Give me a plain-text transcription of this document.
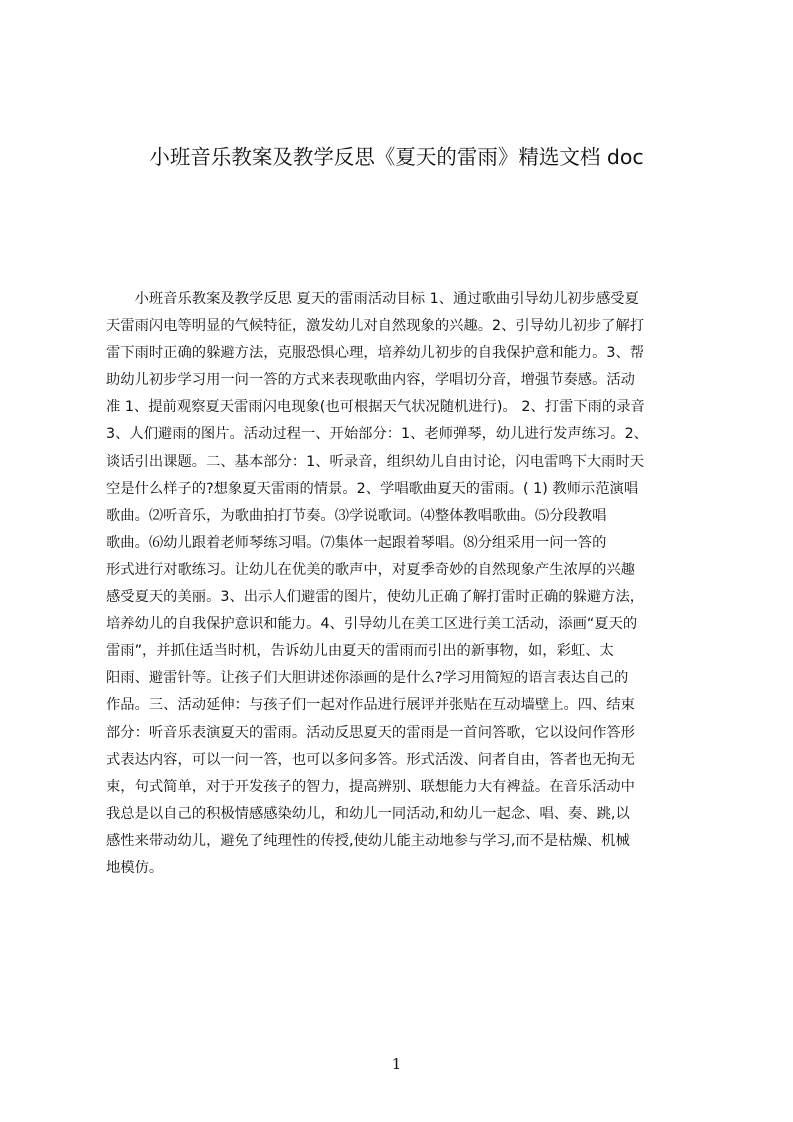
小班音乐教案及教学反思《夏天的雷雨》精选文档 doc
　　小班音乐教案及教学反思 夏天的雷雨活动目标 1、通过歌曲引导幼儿初步感受夏
天雷雨闪电等明显的气候特征，激发幼儿对自然现象的兴趣。2、引导幼儿初步了解打
雷下雨时正确的躲避方法，克服恐惧心理，培养幼儿初步的自我保护意和能力。3、帮
助幼儿初步学习用一问一答的方式来表现歌曲内容，学唱切分音，增强节奏感。活动
准 1、提前观察夏天雷雨闪电现象(也可根据天气状况随机进行)。 2、打雷下雨的录音
3、人们避雨的图片。活动过程一、开始部分：1、老师弹琴，幼儿进行发声练习。2、
谈话引出课题。二、基本部分：1、听录音，组织幼儿自由讨论，闪电雷鸣下大雨时天
空是什么样子的?想象夏天雷雨的情景。2、学唱歌曲夏天的雷雨。( 1) 教师示范演唱
歌曲。⑵听音乐，为歌曲拍打节奏。⑶学说歌词。⑷整体教唱歌曲。⑸分段教唱
歌曲。⑹幼儿跟着老师琴练习唱。⑺集体一起跟着琴唱。⑻分组采用一问一答的
形式进行对歌练习。让幼儿在优美的歌声中，对夏季奇妙的自然现象产生浓厚的兴趣
感受夏天的美丽。3、出示人们避雷的图片，使幼儿正确了解打雷时正确的躲避方法，
培养幼儿的自我保护意识和能力。4、引导幼儿在美工区进行美工活动，添画“夏天的
雷雨”，并抓住适当时机，告诉幼儿由夏天的雷雨而引出的新事物，如，彩虹、太
阳雨、避雷针等。让孩子们大胆讲述你添画的是什么?学习用简短的语言表达自己的
作品。三、活动延伸：与孩子们一起对作品进行展评并张贴在互动墙壁上。四、结束
部分：听音乐表演夏天的雷雨。活动反思夏天的雷雨是一首问答歌，它以设问作答形
式表达内容，可以一问一答，也可以多问多答。形式活泼、问者自由，答者也无拘无
束，句式简单，对于开发孩子的智力，提高辨别、联想能力大有裨益。在音乐活动中
我总是以自己的积极情感感染幼儿，和幼儿一同活动,和幼儿一起念、唱、奏、跳,以
感性来带动幼儿，避免了纯理性的传授,使幼儿能主动地参与学习,而不是枯燥、机械
地模仿。
1
